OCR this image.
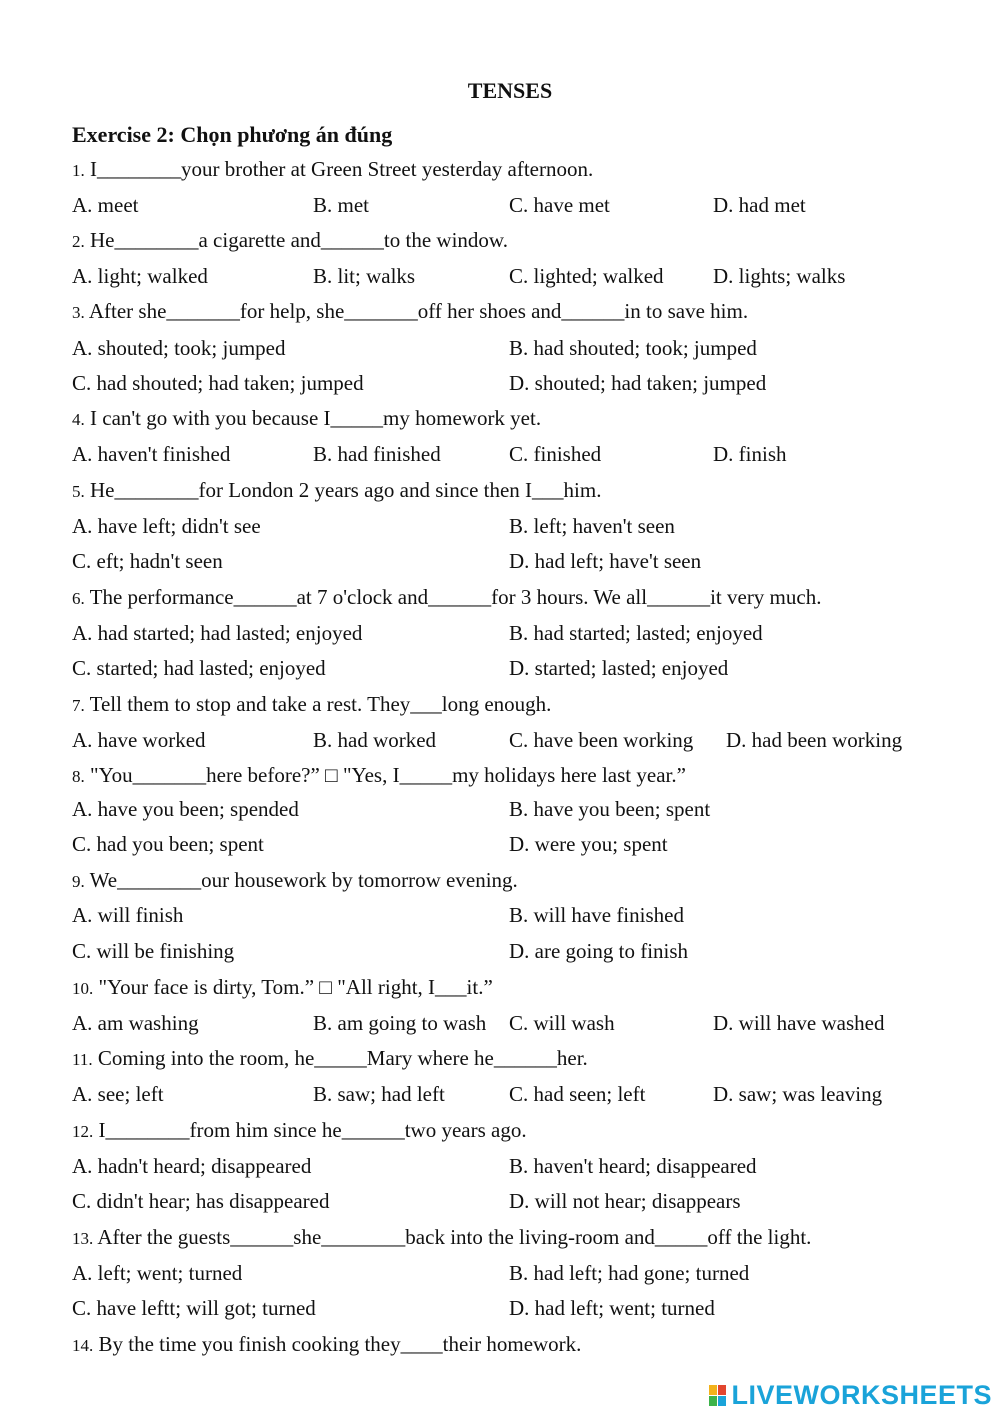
TENSES
Exercise 2: Chọn phương án đúng
1. I________your brother at Green Street yesterday afternoon.
A. meet	B. met	C. have met	D. had met
2. He________a cigarette and______to the window.
A. light; walked	B. lit; walks	C. lighted; walked D. lights; walks
3. After she_______for help, she_______off her shoes and______in to save him.
A. shouted; took; jumped	B. had shouted; took; jumped
C. had shouted; had taken; jumped	D. shouted; had taken; jumped
4. I can't go with you because I_____my homework yet.
A. haven't finished	B. had finished	C. finished	D. finish
5. He________for London 2 years ago and since then I___him.
A. have left; didn't see	B. left; haven't seen
C. eft; hadn't seen	D. had left; have't seen
6. The performance______at 7 o'clock and______for 3 hours. We all______it very much.
A. had started; had lasted; enjoyed	B. had started; lasted; enjoyed
C. started; had lasted; enjoyed	D. started; lasted; enjoyed
7. Tell them to stop and take a rest. They___long enough.
A. have worked	B. had worked	C. have been working D. had been working
8. "You_______here before?” □ "Yes, I_____my holidays here last year.”
A. have you been; spended	B. have you been; spent
C. had you been; spent	D. were you; spent
9. We________our housework by tomorrow evening.
A. will finish	B. will have finished
C. will be finishing	D. are going to finish
10. "Your face is dirty, Tom.” □ "All right, I___it.”
A. am washing	B. am going to wash C. will wash	D. will have washed
11. Coming into the room, he_____Mary where he______her.
A. see; left	B. saw; had left	C. had seen; left	D. saw; was leaving
12. I________from him since he______two years ago.
A. hadn't heard; disappeared	B. haven't heard; disappeared
C. didn't hear; has disappeared	D. will not hear; disappears
13. After the guests______she________back into the living-room and_____off the light.
A. left; went; turned	B. had left; had gone; turned
C. have leftt; will got; turned	D. had left; went; turned
14. By the time you finish cooking they____their homework.
LIVEWORKSHEETS
